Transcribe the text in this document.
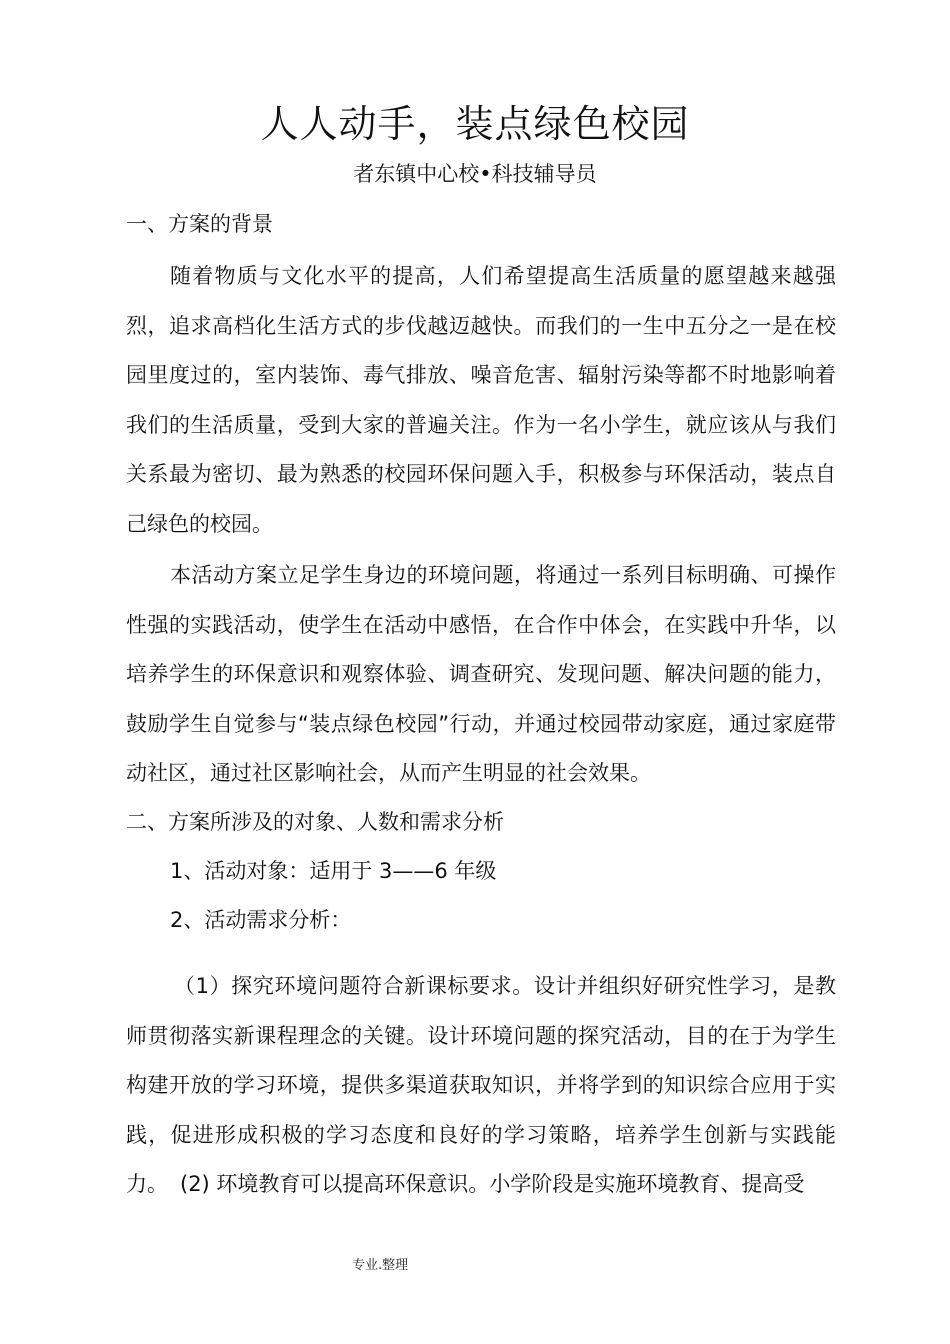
人人动手，装点绿色校园
者东镇中心校•科技辅导员
一、方案的背景
随着物质与文化水平的提高，人们希望提高生活质量的愿望越来越强烈，追求高档化生活方式的步伐越迈越快。而我们的一生中五分之一是在校园里度过的，室内装饰、毒气排放、噪音危害、辐射污染等都不时地影响着我们的生活质量，受到大家的普遍关注。作为一名小学生，就应该从与我们关系最为密切、最为熟悉的校园环保问题入手，积极参与环保活动，装点自己绿色的校园。
本活动方案立足学生身边的环境问题，将通过一系列目标明确、可操作性强的实践活动，使学生在活动中感悟，在合作中体会，在实践中升华，以培养学生的环保意识和观察体验、调查研究、发现问题、解决问题的能力，鼓励学生自觉参与“装点绿色校园”行动，并通过校园带动家庭，通过家庭带动社区，通过社区影响社会，从而产生明显的社会效果。
二、方案所涉及的对象、人数和需求分析
1、活动对象：适用于 3——6 年级
2、活动需求分析：
（1）探究环境问题符合新课标要求。设计并组织好研究性学习，是教师贯彻落实新课程理念的关键。设计环境问题的探究活动，目的在于为学生构建开放的学习环境，提供多渠道获取知识，并将学到的知识综合应用于实践，促进形成积极的学习态度和良好的学习策略，培养学生创新与实践能力。 (2) 环境教育可以提高环保意识。小学阶段是实施环境教育、提高受
专业.整理
